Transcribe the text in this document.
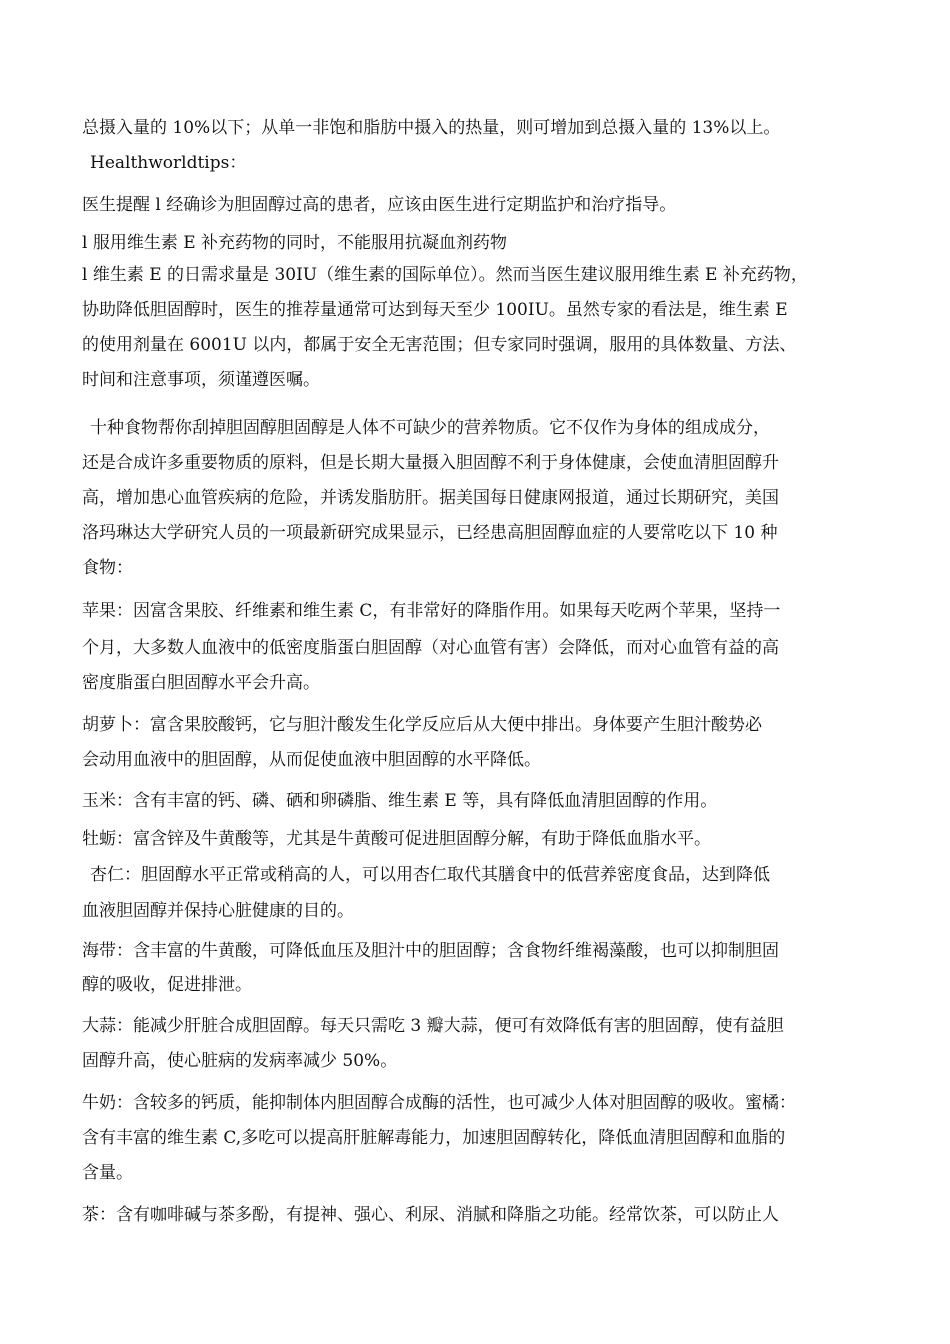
总摄入量的 10%以下；从单一非饱和脂肪中摄入的热量，则可增加到总摄入量的 13%以上。
Healthworldtips：
医生提醒 l 经确诊为胆固醇过高的患者，应该由医生进行定期监护和治疗指导。
l 服用维生素 E 补充药物的同时，不能服用抗凝血剂药物
l 维生素 E 的日需求量是 30IU（维生素的国际单位）。然而当医生建议服用维生素 E 补充药物，
协助降低胆固醇时，医生的推荐量通常可达到每天至少 100IU。虽然专家的看法是，维生素 E
的使用剂量在 6001U 以内，都属于安全无害范围；但专家同时强调，服用的具体数量、方法、
时间和注意事项，须谨遵医嘱。
十种食物帮你刮掉胆固醇胆固醇是人体不可缺少的营养物质。它不仅作为身体的组成成分，
还是合成许多重要物质的原料，但是长期大量摄入胆固醇不利于身体健康，会使血清胆固醇升
高，增加患心血管疾病的危险，并诱发脂肪肝。据美国每日健康网报道，通过长期研究，美国
洛玛琳达大学研究人员的一项最新研究成果显示，已经患高胆固醇血症的人要常吃以下 10 种
食物：
苹果：因富含果胶、纤维素和维生素 C，有非常好的降脂作用。如果每天吃两个苹果，坚持一
个月，大多数人血液中的低密度脂蛋白胆固醇（对心血管有害）会降低，而对心血管有益的高
密度脂蛋白胆固醇水平会升高。
胡萝卜：富含果胶酸钙，它与胆汁酸发生化学反应后从大便中排出。身体要产生胆汁酸势必
会动用血液中的胆固醇，从而促使血液中胆固醇的水平降低。
玉米：含有丰富的钙、磷、硒和卵磷脂、维生素 E 等，具有降低血清胆固醇的作用。
牡蛎：富含锌及牛黄酸等，尤其是牛黄酸可促进胆固醇分解，有助于降低血脂水平。
杏仁：胆固醇水平正常或稍高的人，可以用杏仁取代其膳食中的低营养密度食品，达到降低
血液胆固醇并保持心脏健康的目的。
海带：含丰富的牛黄酸，可降低血压及胆汁中的胆固醇；含食物纤维褐藻酸，也可以抑制胆固
醇的吸收，促进排泄。
大蒜：能减少肝脏合成胆固醇。每天只需吃 3 瓣大蒜，便可有效降低有害的胆固醇，使有益胆
固醇升高，使心脏病的发病率减少 50%。
牛奶：含较多的钙质，能抑制体内胆固醇合成酶的活性，也可减少人体对胆固醇的吸收。蜜橘：
含有丰富的维生素 C,多吃可以提高肝脏解毒能力，加速胆固醇转化，降低血清胆固醇和血脂的
含量。
茶：含有咖啡碱与茶多酚，有提神、强心、利尿、消腻和降脂之功能。经常饮茶，可以防止人
